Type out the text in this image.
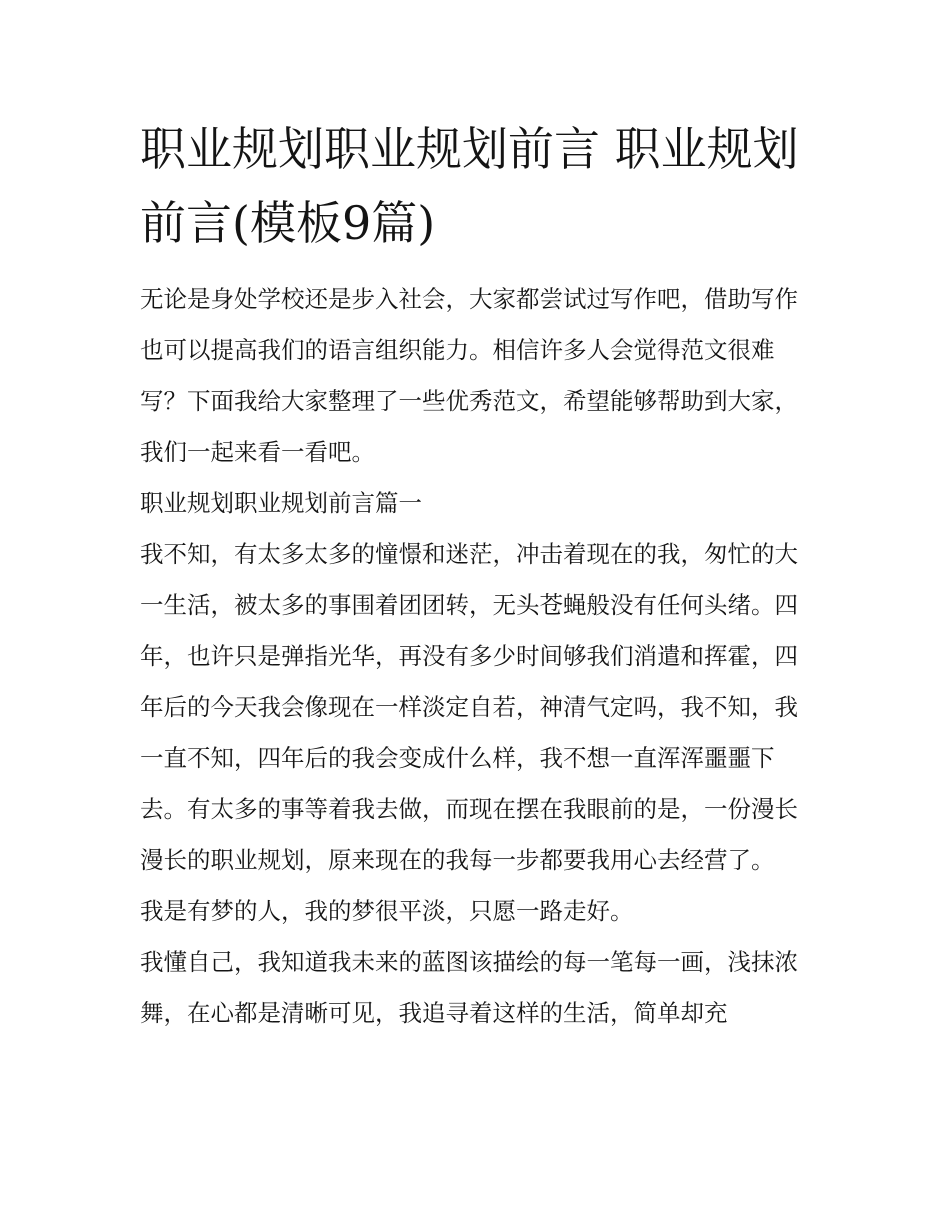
职业规划职业规划前言 职业规划前言(模板9篇)

无论是身处学校还是步入社会，大家都尝试过写作吧，借助写作也可以提高我们的语言组织能力。相信许多人会觉得范文很难写？下面我给大家整理了一些优秀范文，希望能够帮助到大家，我们一起来看一看吧。

职业规划职业规划前言篇一

我不知，有太多太多的憧憬和迷茫，冲击着现在的我，匆忙的大一生活，被太多的事围着团团转，无头苍蝇般没有任何头绪。四年，也许只是弹指光华，再没有多少时间够我们消遣和挥霍，四年后的今天我会像现在一样淡定自若，神清气定吗，我不知，我一直不知，四年后的我会变成什么样，我不想一直浑浑噩噩下去。有太多的事等着我去做，而现在摆在我眼前的是，一份漫长漫长的职业规划，原来现在的我每一步都要我用心去经营了。

我是有梦的人，我的梦很平淡，只愿一路走好。

我懂自己，我知道我未来的蓝图该描绘的每一笔每一画，浅抹浓舞，在心都是清晰可见，我追寻着这样的生活，简单却充
